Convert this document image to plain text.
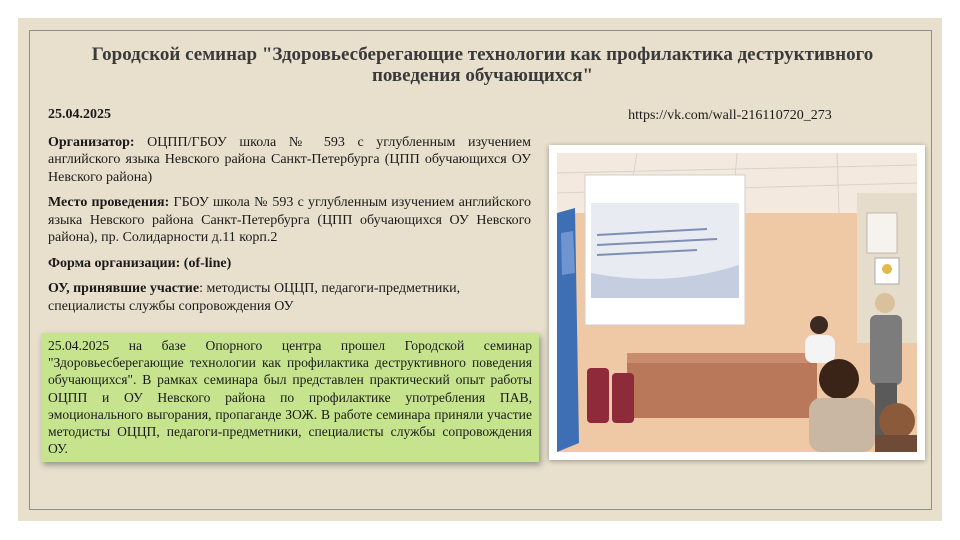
Городской семинар "Здоровьесберегающие технологии как профилактика деструктивного поведения обучающихся"

25.04.2025

Организатор: ОЦПП/ГБОУ школа № 593 с углубленным изучением английского языка Невского района Санкт-Петербурга (ЦПП обучающихся ОУ Невского района)

Место проведения: ГБОУ школа № 593 с углубленным изучением английского языка Невского района Санкт-Петербурга (ЦПП обучающихся ОУ Невского района), пр. Солидарности д.11 корп.2

Форма организации: (of-line)

ОУ, принявшие участие: методисты ОЦЦП, педагоги-предметники, специалисты службы сопровождения ОУ

25.04.2025 на базе Опорного центра прошел Городской семинар "Здоровьесберегающие технологии как профилактика деструктивного поведения обучающихся". В рамках семинара был представлен практический опыт работы ОЦПП и ОУ Невского района по профилактике употребления ПАВ, эмоционального выгорания, пропаганде ЗОЖ. В работе семинара приняли участие методисты ОЦЦП, педагоги-предметники, специалисты службы сопровождения ОУ.
https://vk.com/wall-216110720_273
